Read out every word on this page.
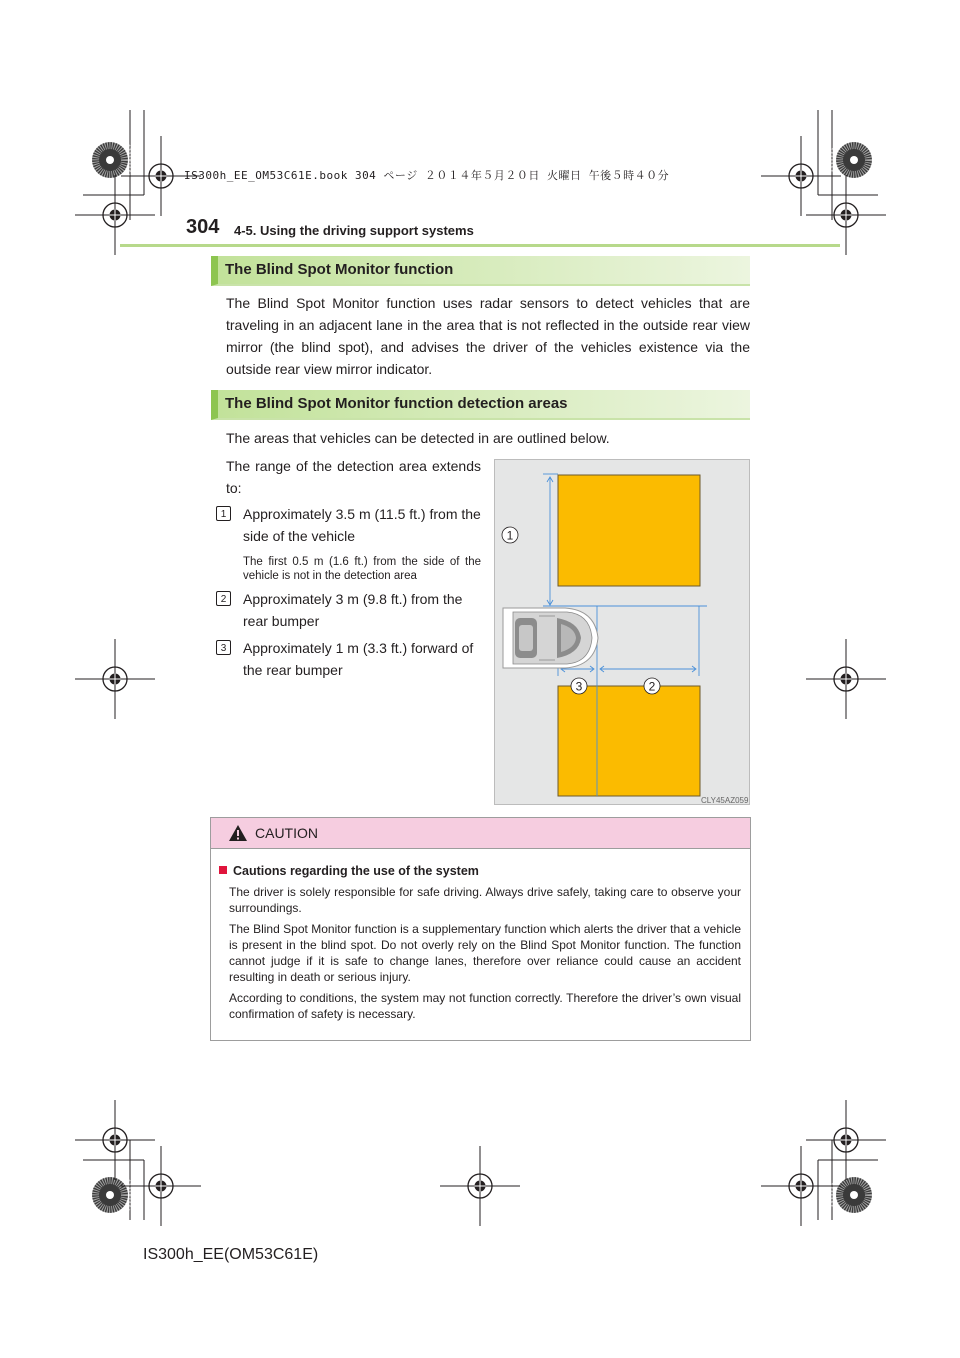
IS300h_EE_OM53C61E.book 304 ページ ２０１４年５月２０日 火曜日 午後５時４０分
304 4-5. Using the driving support systems
The Blind Spot Monitor function
The Blind Spot Monitor function uses radar sensors to detect vehicles that are traveling in an adjacent lane in the area that is not reflected in the outside rear view mirror (the blind spot), and advises the driver of the vehicles existence via the outside rear view mirror indicator.
The Blind Spot Monitor function detection areas
The areas that vehicles can be detected in are outlined below.
The range of the detection area extends to:
1	Approximately 3.5 m (11.5 ft.) from the side of the vehicle
The first 0.5 m (1.6 ft.) from the side of the vehicle is not in the detection area
2	Approximately 3 m (9.8 ft.) from the rear bumper
3	Approximately 1 m (3.3 ft.) forward of the rear bumper
1
3	2
CLY45AZ059
CAUTION
Cautions regarding the use of the system
The driver is solely responsible for safe driving. Always drive safely, taking care to observe your surroundings.
The Blind Spot Monitor function is a supplementary function which alerts the driver that a vehicle is present in the blind spot. Do not overly rely on the Blind Spot Monitor function. The function cannot judge if it is safe to change lanes, therefore over reliance could cause an accident resulting in death or serious injury.
According to conditions, the system may not function correctly. Therefore the driver’s own visual confirmation of safety is necessary.
IS300h_EE(OM53C61E)
